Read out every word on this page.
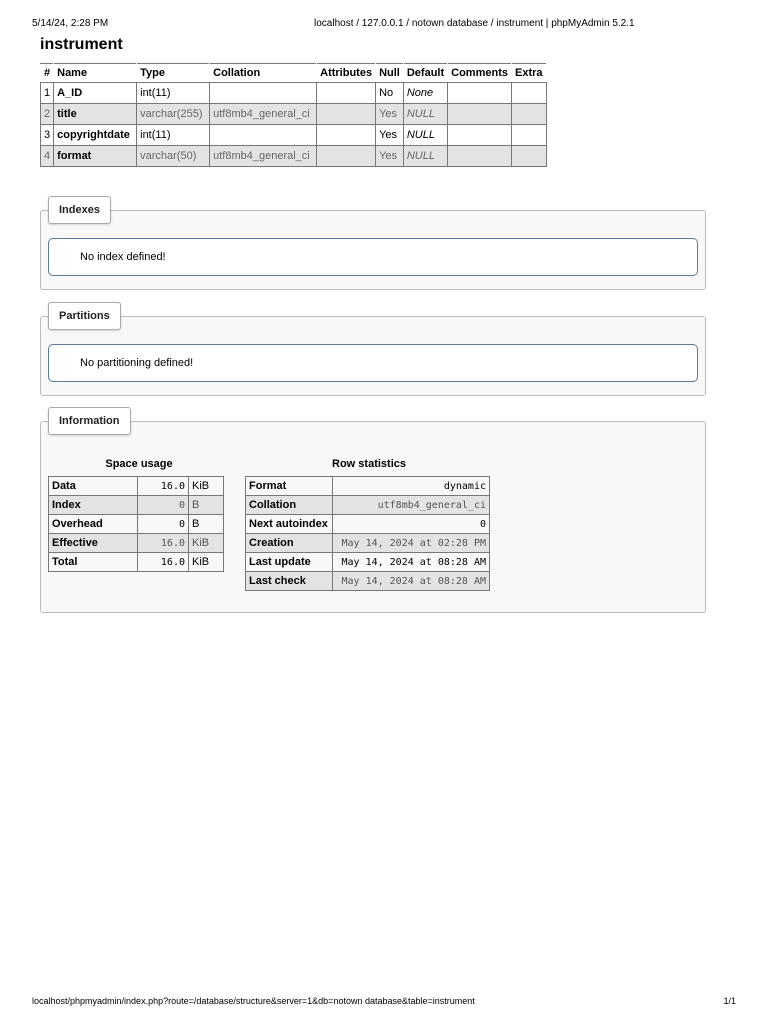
5/14/24, 2:28 PM	localhost / 127.0.0.1 / notown database / instrument | phpMyAdmin 5.2.1
instrument
#	Name	Type	Collation	Attributes	Null	Default	Comments	Extra
1	A_ID	int(11)			No	None		
2	title	varchar(255)	utf8mb4_general_ci		Yes	NULL		
3	copyrightdate	int(11)			Yes	NULL		
4	format	varchar(50)	utf8mb4_general_ci		Yes	NULL		
Indexes
No index defined!
Partitions
No partitioning defined!
Information
Space usage
Data	16.0	KiB
Index	0	B
Overhead	0	B
Effective	16.0	KiB
Total	16.0	KiB
Row statistics
Format	dynamic
Collation	utf8mb4_general_ci
Next autoindex	0
Creation	May 14, 2024 at 02:28 PM
Last update	May 14, 2024 at 08:28 AM
Last check	May 14, 2024 at 08:28 AM
localhost/phpmyadmin/index.php?route=/database/structure&server=1&db=notown database&table=instrument	1/1
